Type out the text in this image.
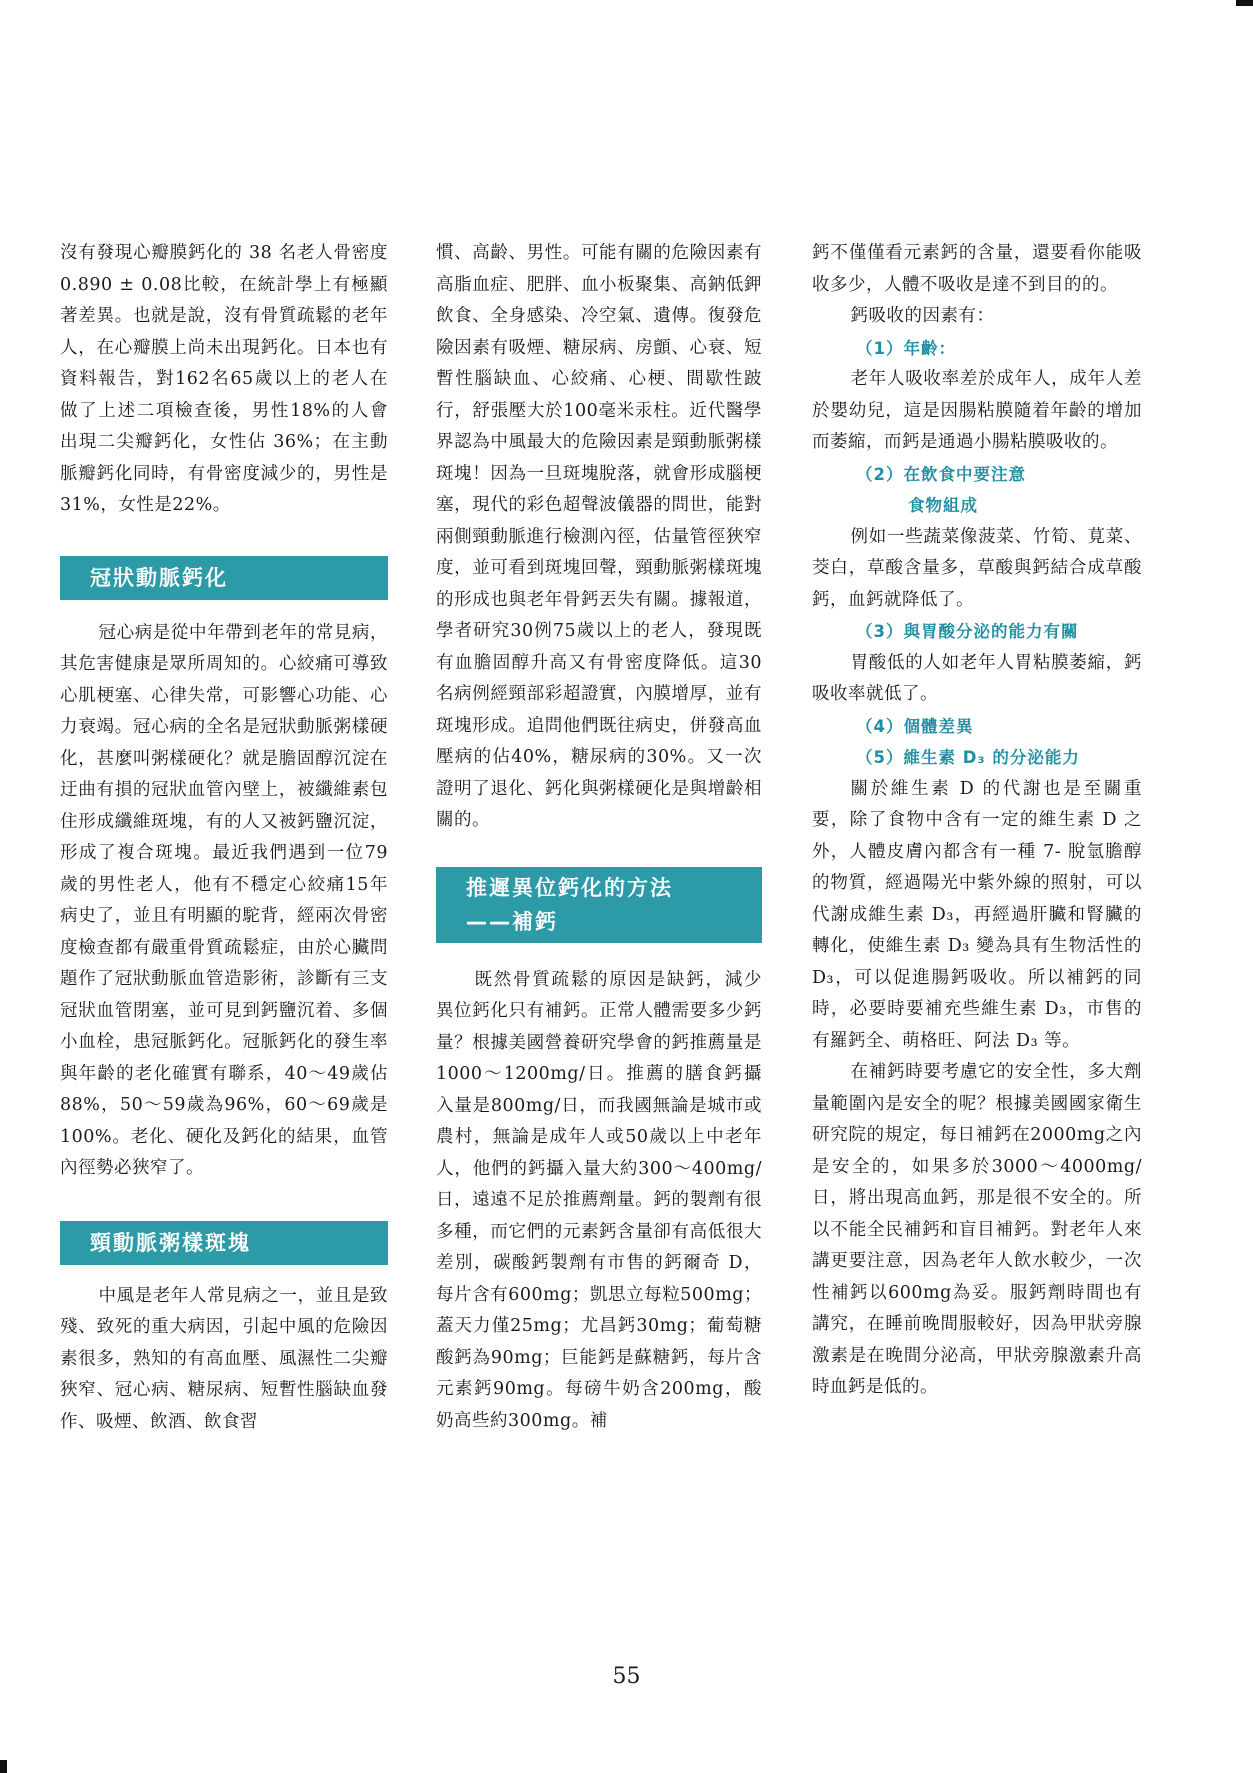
沒有發現心瓣膜鈣化的 38 名老人骨密度0.890 ± 0.08比較，在統計學上有極顯著差異。也就是說，沒有骨質疏鬆的老年人，在心瓣膜上尚未出現鈣化。日本也有資料報告，對162名65歲以上的老人在做了上述二項檢查後，男性18%的人會出現二尖瓣鈣化，女性佔 36%；在主動脈瓣鈣化同時，有骨密度減少的，男性是31%，女性是22%。

冠狀動脈鈣化

冠心病是從中年帶到老年的常見病，其危害健康是眾所周知的。心絞痛可導致心肌梗塞、心律失常，可影響心功能、心力衰竭。冠心病的全名是冠狀動脈粥樣硬化，甚麼叫粥樣硬化？就是膽固醇沉淀在迂曲有損的冠狀血管內壁上，被纖維素包住形成纖維斑塊，有的人又被鈣鹽沉淀，形成了複合斑塊。最近我們遇到一位79歲的男性老人，他有不穩定心絞痛15年病史了，並且有明顯的駝背，經兩次骨密度檢查都有嚴重骨質疏鬆症，由於心臟問題作了冠狀動脈血管造影術，診斷有三支冠狀血管閉塞，並可見到鈣鹽沉着、多個小血栓，患冠脈鈣化。冠脈鈣化的發生率與年齡的老化確實有聯系，40～49歲佔88%，50～59歲為96%，60～69歲是100%。老化、硬化及鈣化的結果，血管內徑勢必狹窄了。

頸動脈粥樣斑塊

中風是老年人常見病之一，並且是致殘、致死的重大病因，引起中風的危險因素很多，熟知的有高血壓、風濕性二尖瓣狹窄、冠心病、糖尿病、短暫性腦缺血發作、吸煙、飲酒、飲食習

慣、高齡、男性。可能有關的危險因素有高脂血症、肥胖、血小板聚集、高鈉低鉀飲食、全身感染、冷空氣、遺傳。復發危險因素有吸煙、糖尿病、房顫、心衰、短暫性腦缺血、心絞痛、心梗、間歇性跛行，舒張壓大於100毫米汞柱。近代醫學界認為中風最大的危險因素是頸動脈粥樣斑塊！因為一旦斑塊脫落，就會形成腦梗塞，現代的彩色超聲波儀器的問世，能對兩側頸動脈進行檢測內徑，估量管徑狹窄度，並可看到斑塊回聲，頸動脈粥樣斑塊的形成也與老年骨鈣丟失有關。據報道，學者研究30例75歲以上的老人，發現既有血膽固醇升高又有骨密度降低。這30名病例經頸部彩超證實，內膜增厚，並有斑塊形成。追問他們既往病史，併發高血壓病的佔40%，糖尿病的30%。又一次證明了退化、鈣化與粥樣硬化是與增齡相關的。

推遲異位鈣化的方法
——補鈣

既然骨質疏鬆的原因是缺鈣，減少異位鈣化只有補鈣。正常人體需要多少鈣量？根據美國營養研究學會的鈣推薦量是1000～1200mg/日。推薦的膳食鈣攝入量是800mg/日，而我國無論是城市或農村，無論是成年人或50歲以上中老年人，他們的鈣攝入量大約300～400mg/日，遠遠不足於推薦劑量。鈣的製劑有很多種，而它們的元素鈣含量卻有高低很大差別，碳酸鈣製劑有市售的鈣爾奇 D，每片含有600mg；凱思立每粒500mg；蓋天力僅25mg；尤昌鈣30mg；葡萄糖酸鈣為90mg；巨能鈣是蘇糖鈣，每片含元素鈣90mg。每磅牛奶含200mg，酸奶高些約300mg。補

鈣不僅僅看元素鈣的含量，還要看你能吸收多少，人體不吸收是達不到目的的。

鈣吸收的因素有：

（1）年齡：

老年人吸收率差於成年人，成年人差於嬰幼兒，這是因腸粘膜隨着年齡的增加而萎縮，而鈣是通過小腸粘膜吸收的。

（2）在飲食中要注意
食物組成

例如一些蔬菜像菠菜、竹筍、莧菜、茭白，草酸含量多，草酸與鈣結合成草酸鈣，血鈣就降低了。

（3）與胃酸分泌的能力有關

胃酸低的人如老年人胃粘膜萎縮，鈣吸收率就低了。

（4）個體差異
（5）維生素 D₃ 的分泌能力

關於維生素 D 的代謝也是至關重要，除了食物中含有一定的維生素 D 之外，人體皮膚內都含有一種 7- 脫氫膽醇的物質，經過陽光中紫外線的照射，可以代謝成維生素 D₃，再經過肝臟和腎臟的轉化，使維生素 D₃ 變為具有生物活性的 D₃，可以促進腸鈣吸收。所以補鈣的同時，必要時要補充些維生素 D₃，市售的有羅鈣全、萌格旺、阿法 D₃ 等。

在補鈣時要考慮它的安全性，多大劑量範圍內是安全的呢？根據美國國家衛生研究院的規定，每日補鈣在2000mg之內是安全的，如果多於3000～4000mg/日，將出現高血鈣，那是很不安全的。所以不能全民補鈣和盲目補鈣。對老年人來講更要注意，因為老年人飲水較少，一次性補鈣以600mg為妥。服鈣劑時間也有講究，在睡前晚間服較好，因為甲狀旁腺激素是在晚間分泌高，甲狀旁腺激素升高時血鈣是低的。

55
